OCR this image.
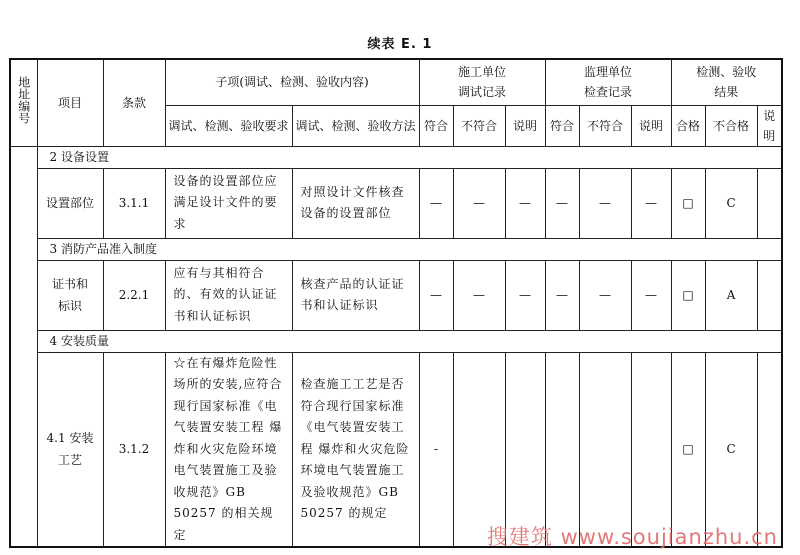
续表 E. 1
地址编号	项目	条款	子项(调试、检测、验收内容)		施工单位调试记录			监理单位检查记录			检测、验收结果		
			调试、检测、验收要求	调试、检测、验收方法	符合	不符合	说明	符合	不符合	说明	合格	不合格	说明
	2 设备设置												
	设置部位	3.1.1	设备的设置部位应满足设计文件的要求	对照设计文件核查设备的设置部位	—	—	—	—	—	—	□	C	
	3 消防产品准入制度												
	证书和标识	2.2.1	应有与其相符合的、有效的认证证书和认证标识	核查产品的认证证书和认证标识	—	—	—	—	—	—	□	A	
	4 安装质量												
	4.1 安装工艺	3.1.2	☆在有爆炸危险性场所的安装,应符合现行国家标准《电气装置安装工程 爆炸和火灾危险环境电气装置施工及验收规范》GB 50257 的相关规定	检查施工工艺是否符合现行国家标准《电气装置安装工程 爆炸和火灾危险环境电气装置施工及验收规范》GB 50257 的规定	-						□	C	
搜建筑 www.soujianzhu.cn
